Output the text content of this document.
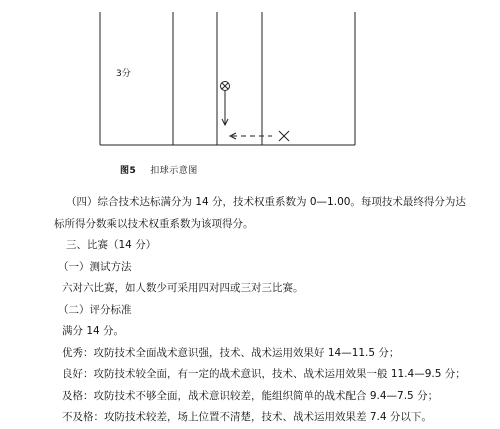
3分
图5 扣球示意图
（四）综合技术达标满分为 14 分，技术权重系数为 0—1.00。每项技术最终得分为达
标所得分数乘以技术权重系数为该项得分。
三、比赛（14 分）
（一）测试方法
六对六比赛，如人数少可采用四对四或三对三比赛。
（二）评分标准
满分 14 分。
优秀：攻防技术全面战术意识强，技术、战术运用效果好 14—11.5 分；
良好：攻防技术较全面，有一定的战术意识，技术、战术运用效果一般 11.4—9.5 分；
及格：攻防技术不够全面，战术意识较差，能组织简单的战术配合 9.4—7.5 分；
不及格：攻防技术较差，场上位置不清楚，技术、战术运用效果差 7.4 分以下。
